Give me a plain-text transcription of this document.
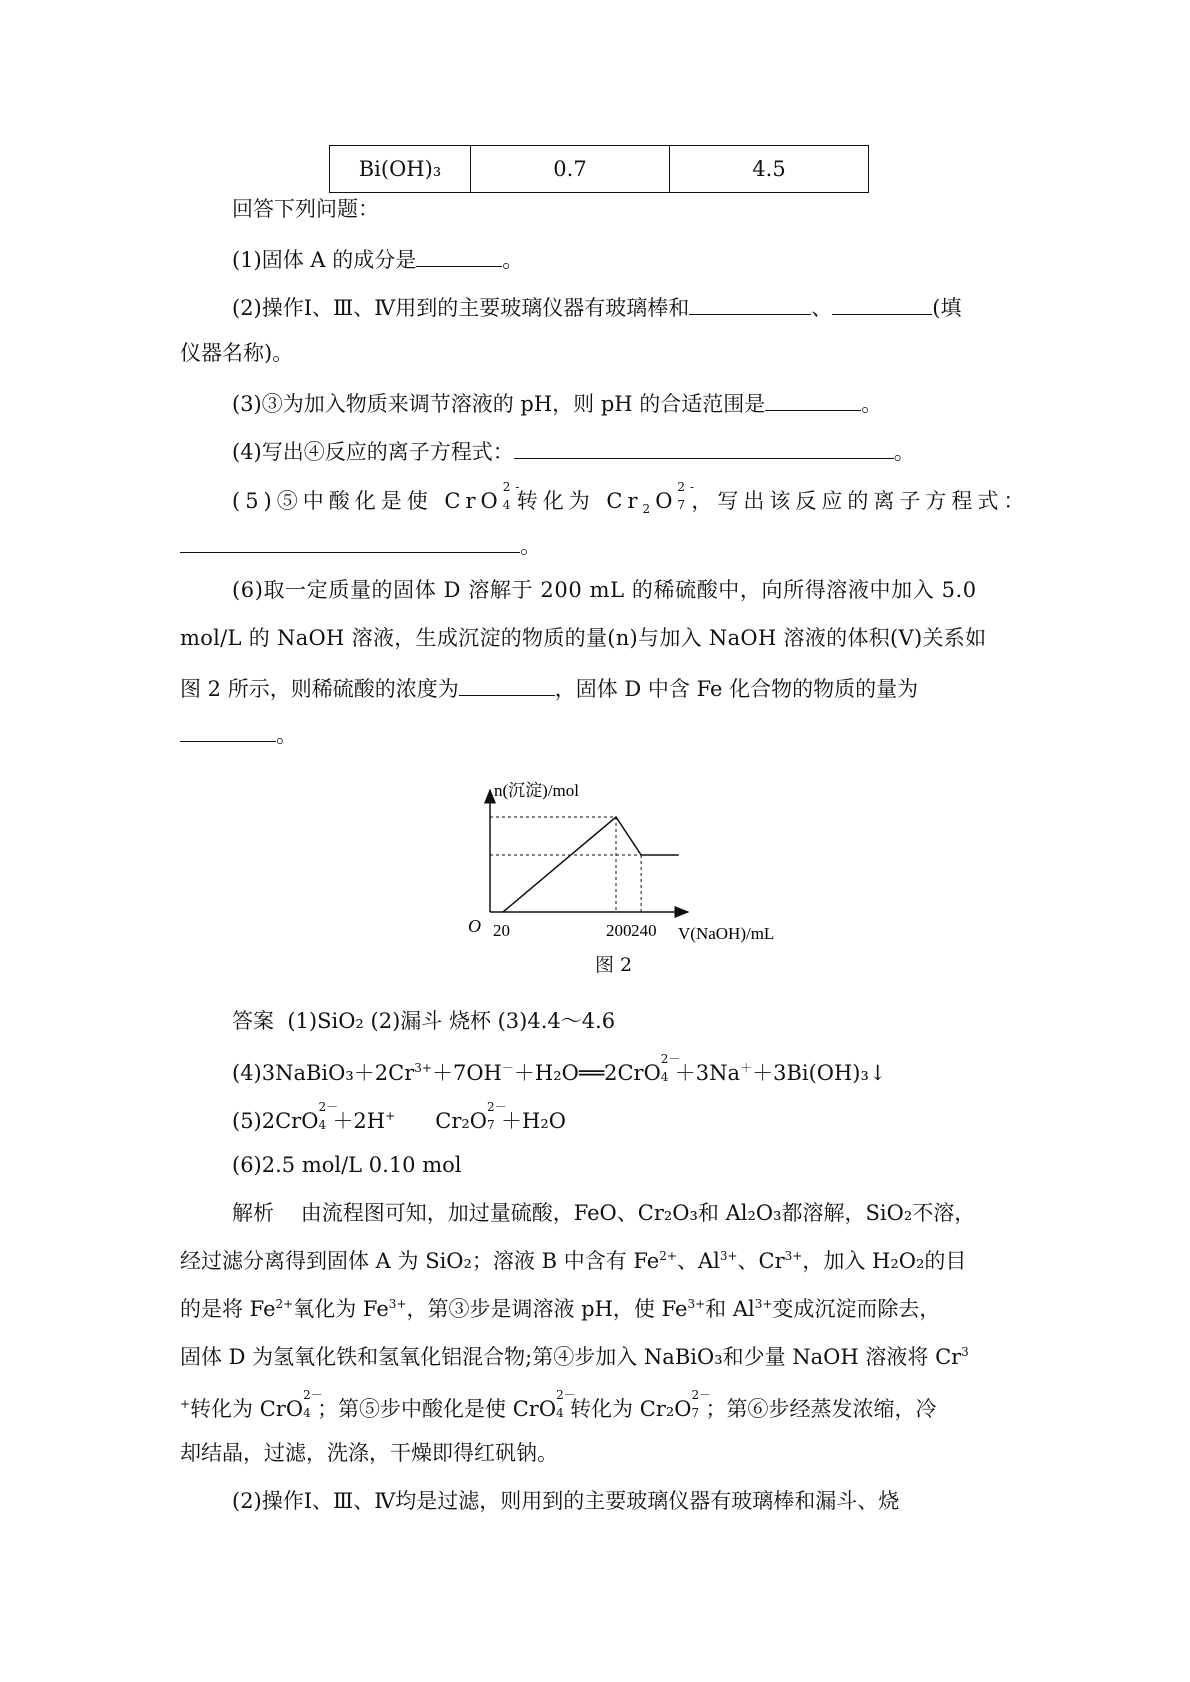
Bi(OH)₃	0.7	4.5
回答下列问题：
(1)固体 A 的成分是	。
(2)操作Ⅰ、Ⅲ、Ⅳ用到的主要玻璃仪器有玻璃棒和	、	(填
仪器名称)。
(3)③为加入物质来调节溶液的 pH，则 pH 的合适范围是	。
(4)写出④反应的离子方程式：	。
(5)⑤中酸化是使 CrO
2-
4 转化为 $Cr_2O$
2-
7 ，写出该反应的离子方程式：
。
(6)取一定质量的固体 D 溶解于 200 mL 的稀硫酸中，向所得溶液中加入 5.0
mol/L 的 NaOH 溶液，生成沉淀的物质的量(n)与加入 NaOH 溶液的体积(V)关系如
图 2 所示，则稀硫酸的浓度为	，固体 D 中含 Fe 化合物的物质的量为
。
n(沉淀)/mol
O	V(NaOH)/mL
20	200 240
图 2
答案 (1)SiO₂ (2)漏斗 烧杯 (3)4.4～4.6
$(4)3NaBiO_3+2Cr^{3+}+7OH^-+H_2O══2CrO$
2－
4 ＋3Na＋＋3Bi(OH)₃↓
(5)2CrO
2－
4 ＋2H+ Cr₂O
2－
7 ＋H₂O
(6)2.5 mol/L 0.10 mol
解析 由流程图可知，加过量硫酸，FeO、Cr₂O₃和 Al₂O₃都溶解，SiO₂不溶，
经过滤分离得到固体 A 为 SiO₂；溶液 B 中含有 $Fe^{2+}$、$Al^{3+}$、$Cr^{3+}$，加入 H₂O₂的目
的是将 $Fe^{2+}$氧化为 $Fe^{3+}$，第③步是调溶液 pH，使 $Fe^{3+}$和 $Al^{3+}$变成沉淀而除去，
固体 D 为氢氧化铁和氢氧化铝混合物;第④步加入 NaBiO₃和少量 NaOH 溶液将 Cr$^3$
+转化为 CrO
2－
4 ；第⑤步中酸化是使 CrO
2－
4 转化为 Cr₂O
2－
7 ；第⑥步经蒸发浓缩，冷
却结晶，过滤，洗涤，干燥即得红矾钠。
(2)操作Ⅰ、Ⅲ、Ⅳ均是过滤，则用到的主要玻璃仪器有玻璃棒和漏斗、烧
